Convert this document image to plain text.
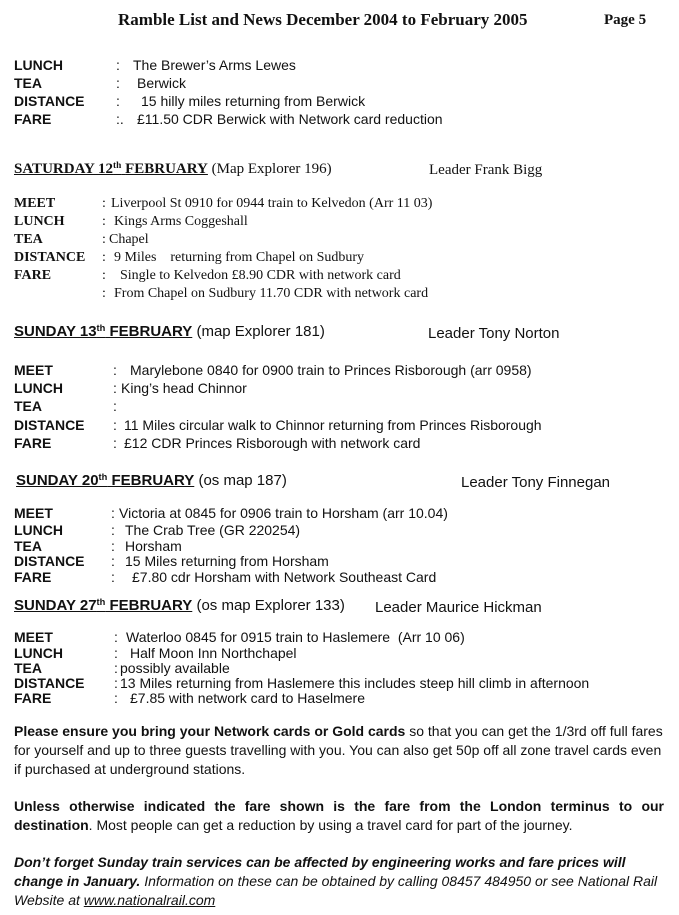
Ramble List and News December 2004 to February 2005	Page 5
LUNCH	: The Brewer’s Arms Lewes
TEA	: Berwick
DISTANCE : 15 hilly miles returning from Berwick
FARE	:. £11.50 CDR Berwick with Network card reduction
SATURDAY 12th FEBRUARY (Map Explorer 196)	Leader Frank Bigg
MEET	: Liverpool St 0910 for 0944 train to Kelvedon (Arr 11 03)
LUNCH	: Kings Arms Coggeshall
TEA	: Chapel
DISTANCE : 9 Miles    returning from Chapel on Sudbury
FARE	: Single to Kelvedon £8.90 CDR with network card
: From Chapel on Sudbury 11.70 CDR with network card
SUNDAY 13th FEBRUARY (map Explorer 181)	Leader Tony Norton
MEET	: Marylebone 0840 for 0900 train to Princes Risborough (arr 0958)
LUNCH	: King’s head Chinnor
TEA	:
DISTANCE : 11 Miles circular walk to Chinnor returning from Princes Risborough
FARE	: £12 CDR Princes Risborough with network card
SUNDAY 20th FEBRUARY (os map 187)	Leader Tony Finnegan
MEET	: Victoria at 0845 for 0906 train to Horsham (arr 10.04)
LUNCH	: The Crab Tree (GR 220254)
TEA	: Horsham
DISTANCE : 15 Miles returning from Horsham
FARE	: £7.80 cdr Horsham with Network Southeast Card
SUNDAY 27th FEBRUARY (os map Explorer 133) Leader Maurice Hickman
MEET	: Waterloo 0845 for 0915 train to Haslemere  (Arr 10 06)
LUNCH	: Half Moon Inn Northchapel
TEA	: possibly available
DISTANCE : 13 Miles returning from Haslemere this includes steep hill climb in afternoon
FARE	: £7.85 with network card to Haselmere
Please ensure you bring your Network cards or Gold cards so that you can get the 1/3rd off full fares for yourself and up to three guests travelling with you. You can also get 50p off all zone travel cards even if purchased at underground stations.
Unless otherwise indicated the fare shown is the fare from the London terminus to our destination. Most people can get a reduction by using a travel card for part of the journey.
Don’t forget Sunday train services can be affected by engineering works and fare prices will change in January. Information on these can be obtained by calling 08457 484950 or see National Rail Website at www.nationalrail.com
